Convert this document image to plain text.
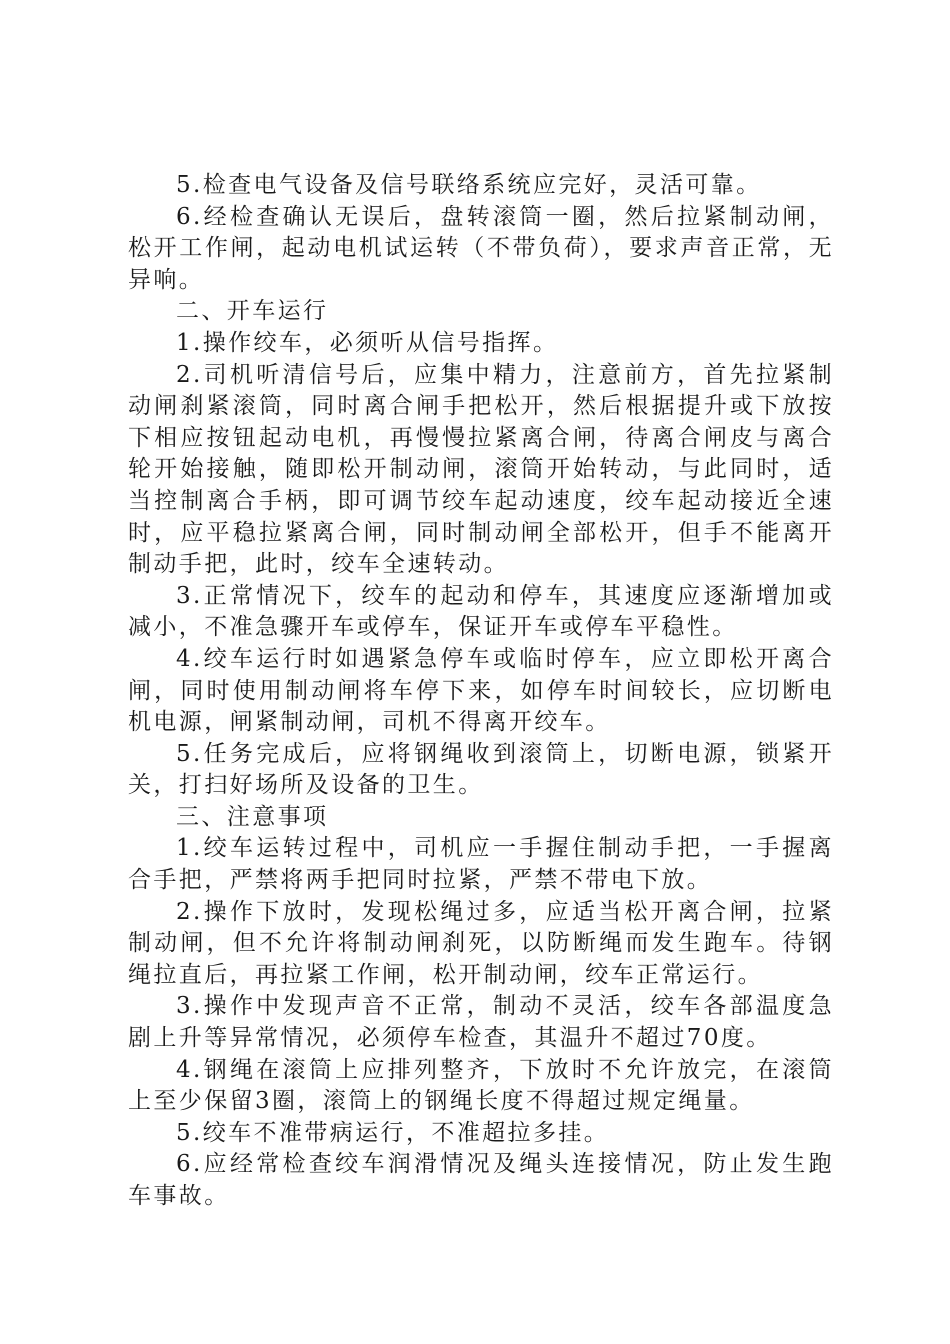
5.检查电气设备及信号联络系统应完好，灵活可靠。

6.经检查确认无误后，盘转滚筒一圈，然后拉紧制动闸，松开工作闸，起动电机试运转（不带负荷），要求声音正常，无异响。

二、开车运行

1.操作绞车，必须听从信号指挥。

2.司机听清信号后，应集中精力，注意前方，首先拉紧制动闸刹紧滚筒，同时离合闸手把松开，然后根据提升或下放按下相应按钮起动电机，再慢慢拉紧离合闸，待离合闸皮与离合轮开始接触，随即松开制动闸，滚筒开始转动，与此同时，适当控制离合手柄，即可调节绞车起动速度，绞车起动接近全速时，应平稳拉紧离合闸，同时制动闸全部松开，但手不能离开制动手把，此时，绞车全速转动。

3.正常情况下，绞车的起动和停车，其速度应逐渐增加或减小，不准急骤开车或停车，保证开车或停车平稳性。

4.绞车运行时如遇紧急停车或临时停车，应立即松开离合闸，同时使用制动闸将车停下来，如停车时间较长，应切断电机电源，闸紧制动闸，司机不得离开绞车。

5.任务完成后，应将钢绳收到滚筒上，切断电源，锁紧开关，打扫好场所及设备的卫生。

三、注意事项

1.绞车运转过程中，司机应一手握住制动手把，一手握离合手把，严禁将两手把同时拉紧，严禁不带电下放。

2.操作下放时，发现松绳过多，应适当松开离合闸，拉紧制动闸，但不允许将制动闸刹死，以防断绳而发生跑车。待钢绳拉直后，再拉紧工作闸，松开制动闸，绞车正常运行。

3.操作中发现声音不正常，制动不灵活，绞车各部温度急剧上升等异常情况，必须停车检查，其温升不超过70度。

4.钢绳在滚筒上应排列整齐，下放时不允许放完，在滚筒上至少保留3圈，滚筒上的钢绳长度不得超过规定绳量。

5.绞车不准带病运行，不准超拉多挂。

6.应经常检查绞车润滑情况及绳头连接情况，防止发生跑车事故。
